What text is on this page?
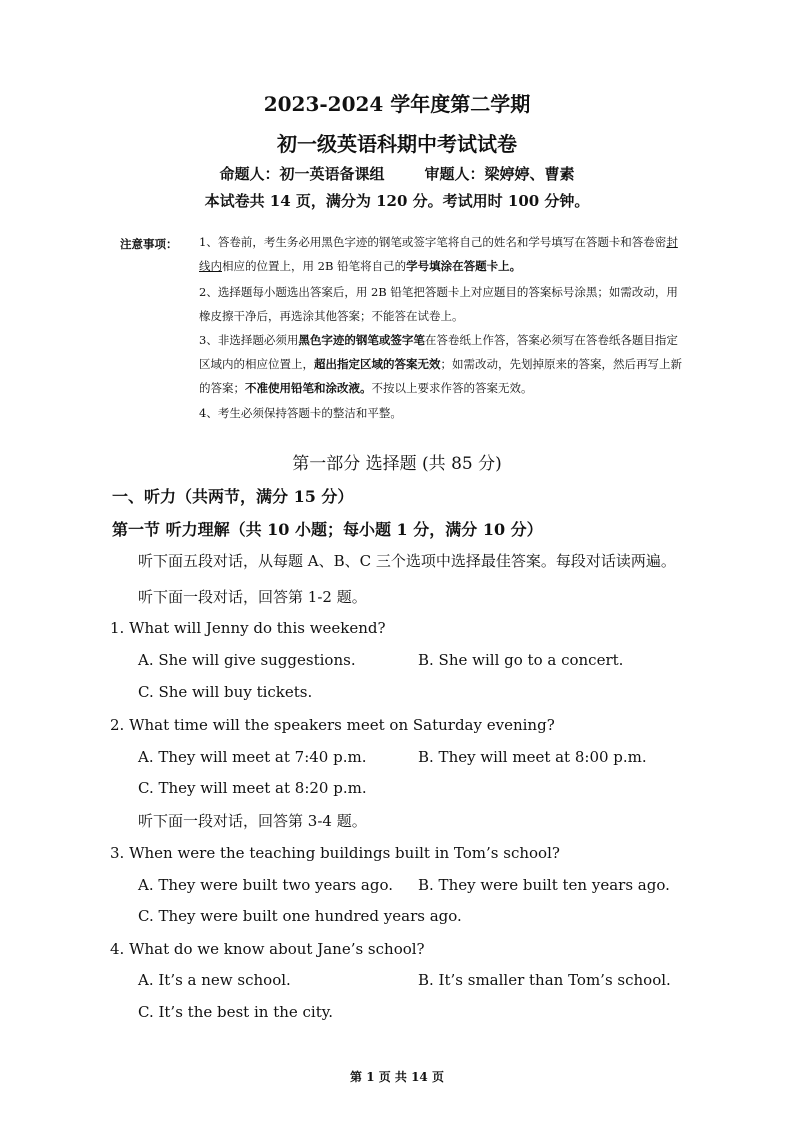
2023-2024 学年度第二学期
初一级英语科期中考试试卷
命题人：初一英语备课组	审题人：梁婷婷、曹素
本试卷共 14 页，满分为 120 分。考试用时 100 分钟。
注意事项： 1、答卷前，考生务必用黑色字迹的钢笔或签字笔将自己的姓名和学号填写在答题卡和答卷密封线内相应的位置上，用 2B 铅笔将自己的学号填涂在答题卡上。
2、选择题每小题选出答案后，用 2B 铅笔把答题卡上对应题目的答案标号涂黑；如需改动，用橡皮擦干净后，再选涂其他答案；不能答在试卷上。
3、非选择题必须用黑色字迹的钢笔或签字笔在答卷纸上作答，答案必须写在答卷纸各题目指定区域内的相应位置上，超出指定区域的答案无效；如需改动，先划掉原来的答案，然后再写上新的答案；不准使用铅笔和涂改液。不按以上要求作答的答案无效。
4、考生必须保持答题卡的整洁和平整。
第一部分 选择题 (共 85 分)
一、听力（共两节，满分 15 分）
第一节 听力理解（共 10 小题；每小题 1 分，满分 10 分）
听下面五段对话，从每题 A、B、C 三个选项中选择最佳答案。每段对话读两遍。
听下面一段对话，回答第 1-2 题。
1. What will Jenny do this weekend?
A. She will give suggestions.	B. She will go to a concert.
C. She will buy tickets.
2. What time will the speakers meet on Saturday evening?
A. They will meet at 7:40 p.m.	B. They will meet at 8:00 p.m.
C. They will meet at 8:20 p.m.
听下面一段对话，回答第 3-4 题。
3. When were the teaching buildings built in Tom’s school?
A. They were built two years ago. B. They were built ten years ago.
C. They were built one hundred years ago.
4. What do we know about Jane’s school?
A. It’s a new school.	B. It’s smaller than Tom’s school.
C. It’s the best in the city.
第 1 页 共 14 页
